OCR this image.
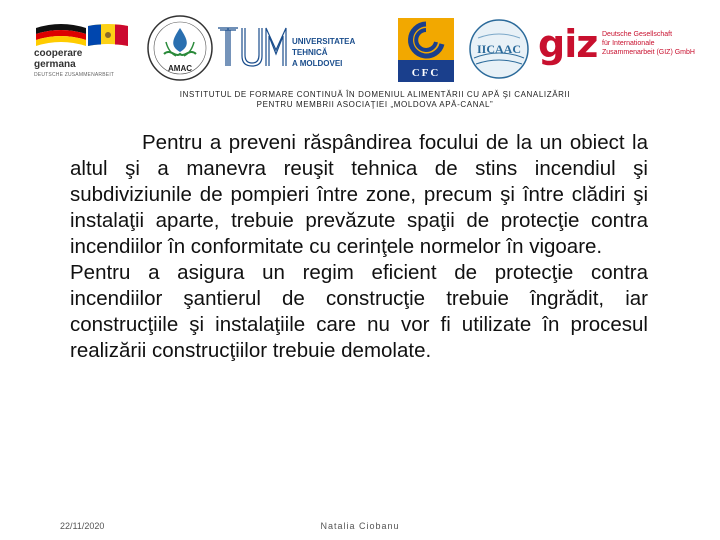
cooperare
germana
DEUTSCHE ZUSAMMENARBEIT
AMAC
UNIVERSITATEA TEHNICĂ
A MOLDOVEI
CFC
IICAAC giz Deutsche Gesellschaft
für Internationale
Zusammenarbeit (GIZ) GmbH
INSTITUTUL DE FORMARE CONTINUĂ ÎN DOMENIUL ALIMENTĂRII CU APĂ ŞI CANALIZĂRII
PENTRU MEMBRII ASOCIAŢIEI „MOLDOVA APĂ-CANAL”

Pentru a preveni răspândirea focului de la un obiect la altul şi a manevra reuşit tehnica de stins incendiul şi subdiviziunile de pompieri între zone, precum şi între clădiri şi instalaţii aparte, trebuie prevăzute spaţii de protecţie contra incendiilor în conformitate cu cerinţele normelor în vigoare.

Pentru a asigura un regim eficient de protecţie contra incendiilor şantierul de construcţie trebuie îngrădit, iar construcţiile şi instalaţiile care nu vor fi utilizate în procesul realizării construcţiilor trebuie demolate.

22/11/2020	Natalia Ciobanu
